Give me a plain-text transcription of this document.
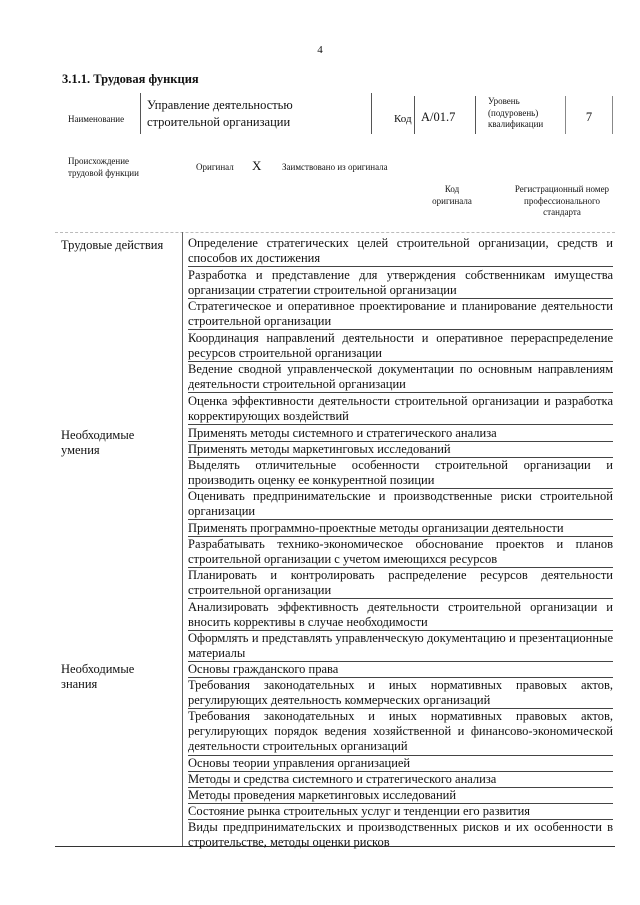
4
3.1.1. Трудовая функция
Наименование
Управление деятельностью
строительной организации	Код А/01.7
Уровень
(подуровень)
квалификации	7
Происхождение
трудовой функции
Оригинал X Заимствовано из оригинала
Код
оригинала
Регистрационный номер
профессионального
стандарта
Трудовые действия
Необходимые
умения
Необходимые
знания
Определение стратегических целей строительной организации, средств и способов их достижения
Разработка и представление для утверждения собственникам имущества организации стратегии строительной организации
Стратегическое и оперативное проектирование и планирование деятельности строительной организации
Координация направлений деятельности и оперативное перераспределение ресурсов строительной организации
Ведение сводной управленческой документации по основным направлениям деятельности строительной организации
Оценка эффективности деятельности строительной организации и разработка корректирующих воздействий
Применять методы системного и стратегического анализа
Применять методы маркетинговых исследований
Выделять отличительные особенности строительной организации и производить оценку ее конкурентной позиции
Оценивать предпринимательские и производственные риски строительной организации
Применять программно-проектные методы организации деятельности
Разрабатывать технико-экономическое обоснование проектов и планов строительной организации с учетом имеющихся ресурсов
Планировать и контролировать распределение ресурсов деятельности строительной организации
Анализировать эффективность деятельности строительной организации и вносить коррективы в случае необходимости
Оформлять и представлять управленческую документацию и презентационные материалы
Основы гражданского права
Требования законодательных и иных нормативных правовых актов, регулирующих деятельность коммерческих организаций
Требования законодательных и иных нормативных правовых актов, регулирующих порядок ведения хозяйственной и финансово-экономической деятельности строительных организаций
Основы теории управления организацией
Методы и средства системного и стратегического анализа
Методы проведения маркетинговых исследований
Состояние рынка строительных услуг и тенденции его развития
Виды предпринимательских и производственных рисков и их особенности в строительстве, методы оценки рисков
